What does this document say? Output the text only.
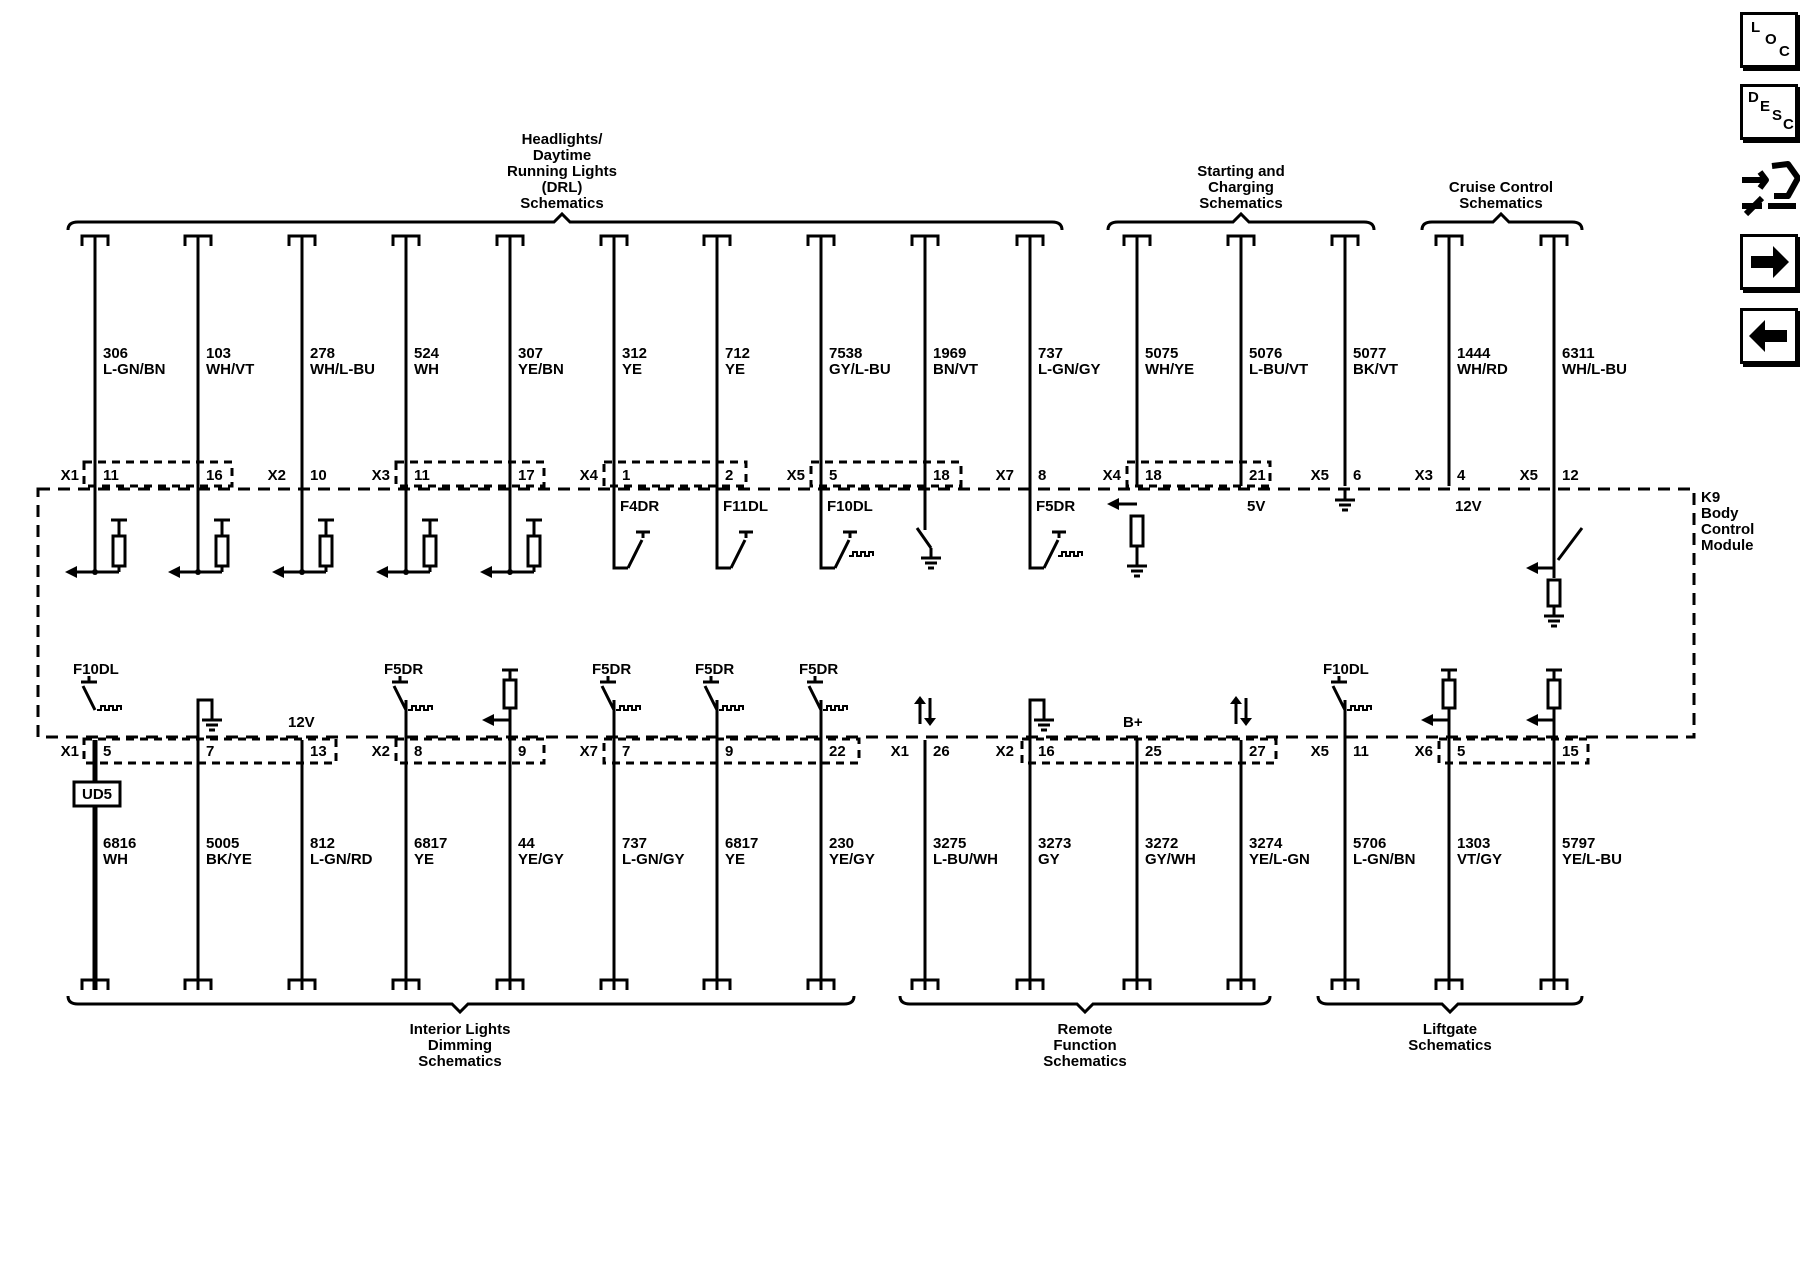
Headlights/
Daytime
Running Lights
(DRL)
Schematics
Starting and
Charging
Schematics
Cruise Control
Schematics
Interior Lights
Dimming
Schematics
Remote
Function
Schematics
Liftgate
Schematics
K9
Body
Control
Module
306
L-GN/BN
X1 11
103
WH/VT
16
278
WH/L-BU
X2 10
524
WH
X3 11
307
YE/BN
17
312
YE
X4 1
F4DR
712
YE
2
F11DL
7538
GY/L-BU
X5 5
F10DL
1969
BN/VT
18
737
L-GN/GY
X7 8
F5DR
5075
WH/YE
X4 18
5076
L-BU/VT
21
5V
5077
BK/VT
X5 6
1444
WH/RD
X3 4
12V
6311
WH/L-BU
X5 12
6816
WH
X1 5
F10DL
5005
BK/YE
7
812
L-GN/RD
13
12V
6817
YE
X2 8
F5DR
44
YE/GY
9
737
L-GN/GY
X7 7
F5DR
6817
YE
9
F5DR
230
YE/GY
22
F5DR
3275
L-BU/WH
X1 26
3273
GY
X2 16
3272
GY/WH
25
B+
3274
YE/L-GN
27
5706
L-GN/BN
X5 11
F10DL
1303
VT/GY
X6 5
5797
YE/L-BU
15
UD5
L
O
C
D
E
S
C
